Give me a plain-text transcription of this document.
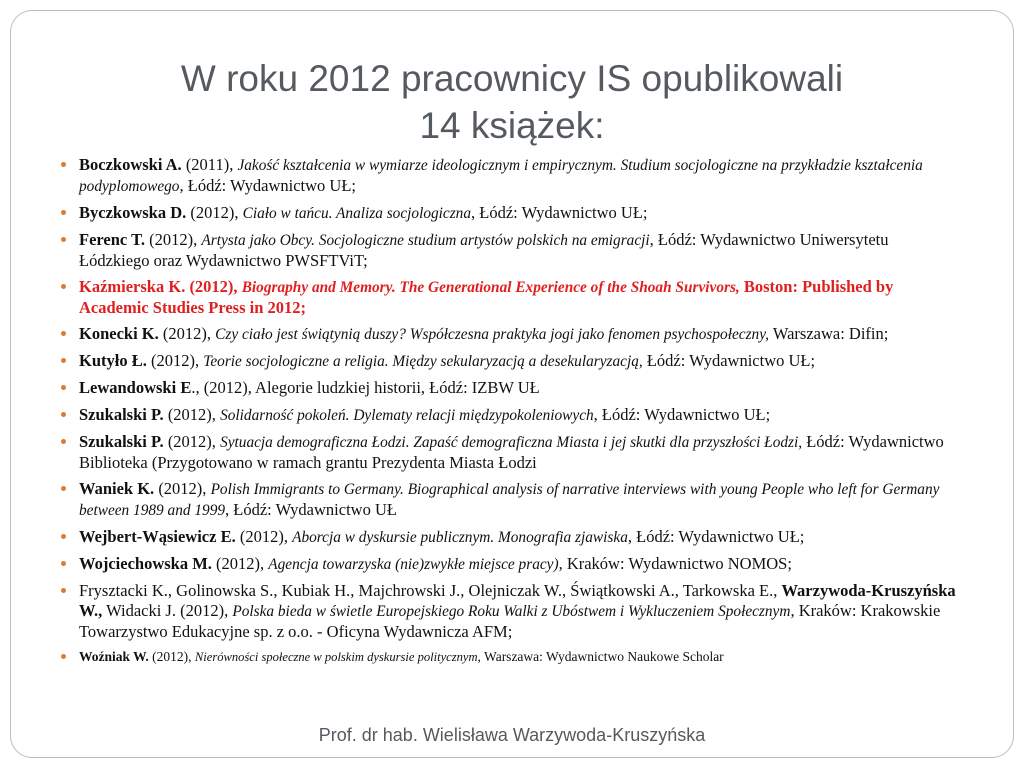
W roku 2012 pracownicy IS opublikowali
14 książek:
Boczkowski A. (2011), Jakość kształcenia w wymiarze ideologicznym i empirycznym. Studium socjologiczne na przykładzie kształcenia podyplomowego, Łódź: Wydawnictwo UŁ;
Byczkowska D. (2012), Ciało w tańcu. Analiza socjologiczna, Łódź: Wydawnictwo UŁ;
Ferenc T. (2012), Artysta jako Obcy. Socjologiczne studium artystów polskich na emigracji, Łódź: Wydawnictwo Uniwersytetu Łódzkiego oraz Wydawnictwo PWSFTViT;
Kaźmierska K. (2012), Biography and Memory. The Generational Experience of the Shoah Survivors, Boston: Published by Academic Studies Press in 2012;
Konecki K. (2012), Czy ciało jest świątynią duszy? Współczesna praktyka jogi jako fenomen psychospołeczny, Warszawa: Difin;
Kutyło Ł. (2012), Teorie socjologiczne a religia. Między sekularyzacją a desekularyzacją, Łódź: Wydawnictwo UŁ;
Lewandowski E., (2012), Alegorie ludzkiej historii, Łódź: IZBW UŁ
Szukalski P. (2012), Solidarność pokoleń. Dylematy relacji międzypokoleniowych, Łódź: Wydawnictwo UŁ;
Szukalski P. (2012), Sytuacja demograficzna Łodzi. Zapaść demograficzna Miasta i jej skutki dla przyszłości Łodzi, Łódź: Wydawnictwo Biblioteka (Przygotowano w ramach grantu Prezydenta Miasta Łodzi
Waniek K. (2012), Polish Immigrants to Germany. Biographical analysis of narrative interviews with young People who left for Germany between 1989 and 1999, Łódź: Wydawnictwo UŁ
Wejbert-Wąsiewicz E. (2012), Aborcja w dyskursie publicznym. Monografia zjawiska, Łódź: Wydawnictwo UŁ;
Wojciechowska M. (2012), Agencja towarzyska (nie)zwykłe miejsce pracy), Kraków: Wydawnictwo NOMOS;
Frysztacki K., Golinowska S., Kubiak H., Majchrowski J., Olejniczak W., Świątkowski A., Tarkowska E., Warzywoda-Kruszyńska W., Widacki J. (2012), Polska bieda w świetle Europejskiego Roku Walki z Ubóstwem i Wykluczeniem Społecznym, Kraków: Krakowskie Towarzystwo Edukacyjne sp. z o.o. - Oficyna Wydawnicza AFM;
Woźniak W. (2012), Nierówności społeczne w polskim dyskursie politycznym, Warszawa: Wydawnictwo Naukowe Scholar
Prof. dr hab. Wielisława Warzywoda-Kruszyńska
